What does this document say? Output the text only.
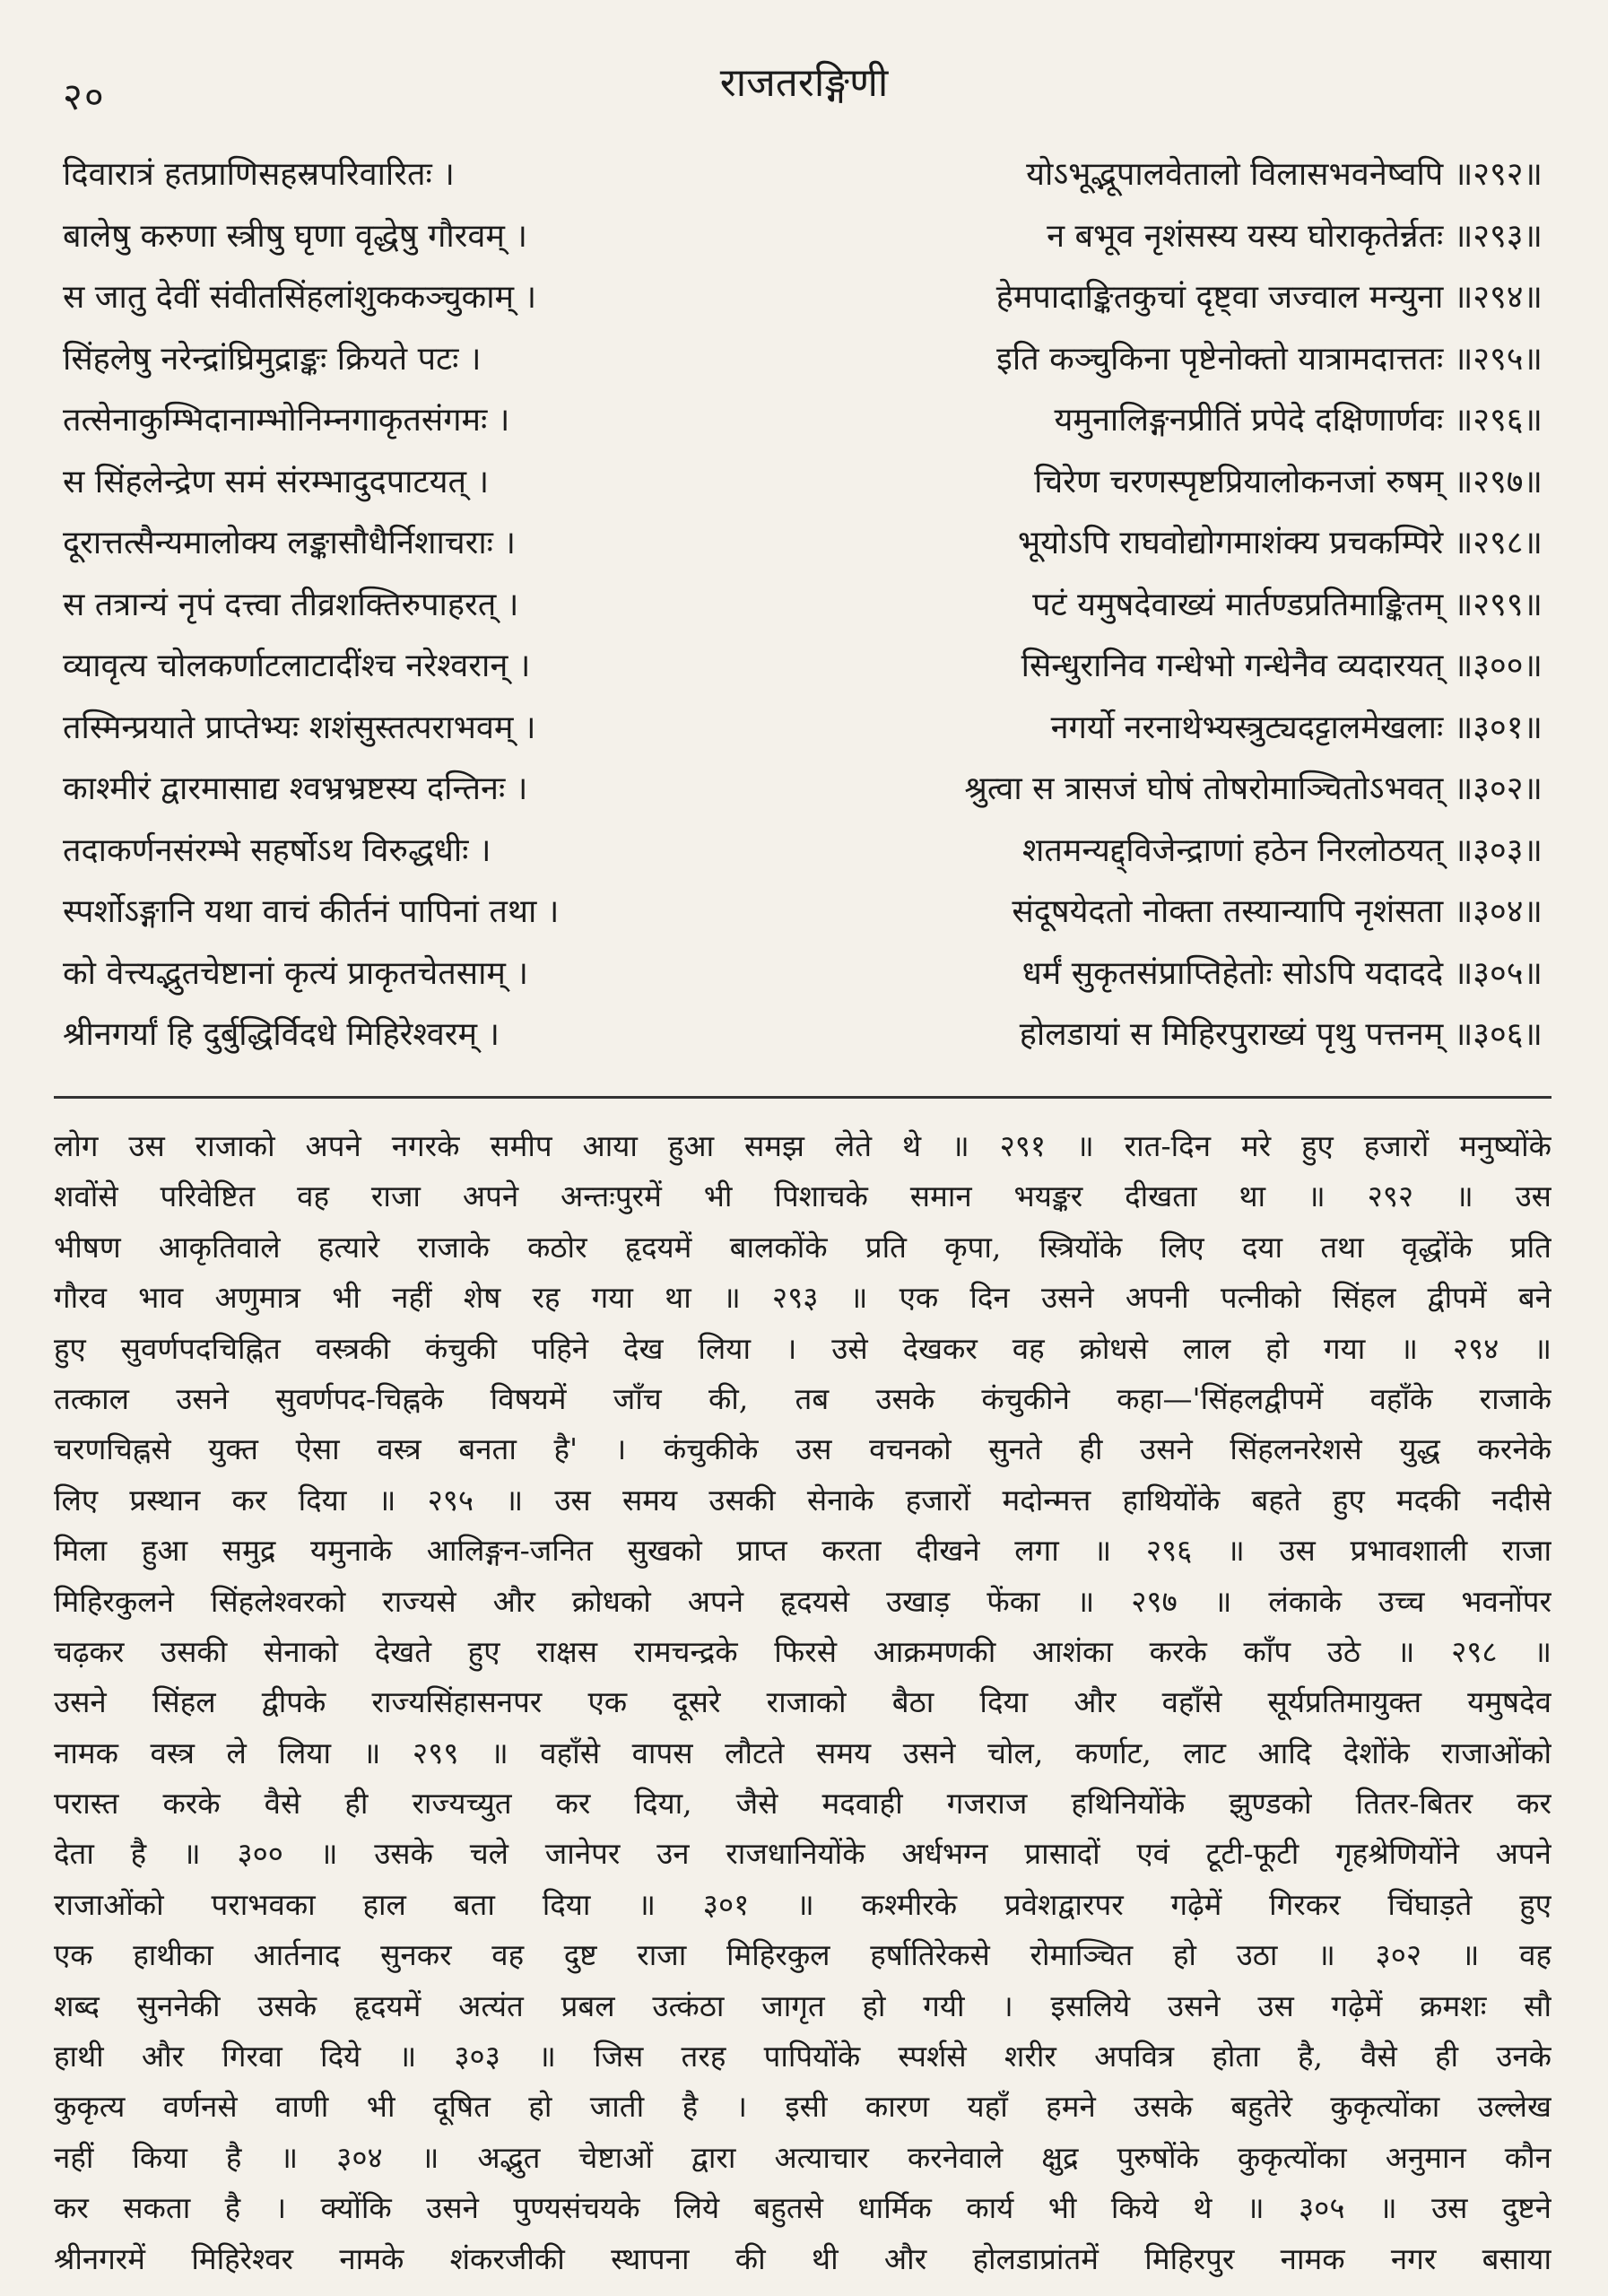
२०	राजतरङ्गिणी
दिवारात्रं हतप्राणिसहस्रपरिवारितः ।	योऽभूद्भूपालवेतालो विलासभवनेष्वपि ॥२९२॥
बालेषु करुणा स्त्रीषु घृणा वृद्धेषु गौरवम् ।	न बभूव नृशंसस्य यस्य घोराकृतेर्न्नतः ॥२९३॥
स जातु देवीं संवीतसिंहलांशुककञ्चुकाम् ।	हेमपादाङ्कितकुचां दृष्ट्वा जज्वाल मन्युना ॥२९४॥
सिंहलेषु नरेन्द्रांघ्रिमुद्राङ्कः क्रियते पटः ।	इति कञ्चुकिना पृष्टेनोक्तो यात्रामदात्ततः ॥२९५॥
तत्सेनाकुम्भिदानाम्भोनिम्नगाकृतसंगमः ।	यमुनालिङ्गनप्रीतिं प्रपेदे दक्षिणार्णवः ॥२९६॥
स सिंहलेन्द्रेण समं संरम्भादुदपाटयत् ।	चिरेण चरणस्पृष्टप्रियालोकनजां रुषम् ॥२९७॥
दूरात्तत्सैन्यमालोक्य लङ्कासौधैर्निशाचराः ।	भूयोऽपि राघवोद्योगमाशंक्य प्रचकम्पिरे ॥२९८॥
स तत्रान्यं नृपं दत्त्वा तीव्रशक्तिरुपाहरत् ।	पटं यमुषदेवाख्यं मार्तण्डप्रतिमाङ्कितम् ॥२९९॥
व्यावृत्य चोलकर्णाटलाटादींश्च नरेश्वरान् ।	सिन्धुरानिव गन्धेभो गन्धेनैव व्यदारयत् ॥३००॥
तस्मिन्प्रयाते प्राप्तेभ्यः शशंसुस्तत्पराभवम् ।	नगर्यो नरनाथेभ्यस्त्रुट्यदट्टालमेखलाः ॥३०१॥
काश्मीरं द्वारमासाद्य श्वभ्रभ्रष्टस्य दन्तिनः ।	श्रुत्वा स त्रासजं घोषं तोषरोमाञ्चितोऽभवत् ॥३०२॥
तदाकर्णनसंरम्भे सहर्षोऽथ विरुद्धधीः ।	शतमन्यद्द्विजेन्द्राणां हठेन निरलोठयत् ॥३०३॥
स्पर्शोऽङ्गानि यथा वाचं कीर्तनं पापिनां तथा ।	संदूषयेदतो नोक्ता तस्यान्यापि नृशंसता ॥३०४॥
को वेत्त्यद्भुतचेष्टानां कृत्यं प्राकृतचेतसाम् ।	धर्मं सुकृतसंप्राप्तिहेतोः सोऽपि यदाददे ॥३०५॥
श्रीनगर्यां हि दुर्बुद्धिर्विदधे मिहिरेश्वरम् ।	होलडायां स मिहिरपुराख्यं पृथु पत्तनम् ॥३०६॥
लोग उस राजाको अपने नगरके समीप आया हुआ समझ लेते थे ॥ २९१ ॥ रात-दिन मरे हुए हजारों मनुष्योंके
शवोंसे परिवेष्टित वह राजा अपने अन्तःपुरमें भी पिशाचके समान भयङ्कर दीखता था ॥ २९२ ॥ उस
भीषण आकृतिवाले हत्यारे राजाके कठोर हृदयमें बालकोंके प्रति कृपा, स्त्रियोंके लिए दया तथा वृद्धोंके प्रति
गौरव भाव अणुमात्र भी नहीं शेष रह गया था ॥ २९३ ॥ एक दिन उसने अपनी पत्नीको सिंहल द्वीपमें बने
हुए सुवर्णपदचिह्नित वस्त्रकी कंचुकी पहिने देख लिया । उसे देखकर वह क्रोधसे लाल हो गया ॥ २९४ ॥
तत्काल उसने सुवर्णपद-चिह्नके विषयमें जाँच की, तब उसके कंचुकीने कहा—'सिंहलद्वीपमें वहाँके राजाके
चरणचिह्नसे युक्त ऐसा वस्त्र बनता है' । कंचुकीके उस वचनको सुनते ही उसने सिंहलनरेशसे युद्ध करनेके
लिए प्रस्थान कर दिया ॥ २९५ ॥ उस समय उसकी सेनाके हजारों मदोन्मत्त हाथियोंके बहते हुए मदकी नदीसे
मिला हुआ समुद्र यमुनाके आलिङ्गन-जनित सुखको प्राप्त करता दीखने लगा ॥ २९६ ॥ उस प्रभावशाली राजा
मिहिरकुलने सिंहलेश्वरको राज्यसे और क्रोधको अपने हृदयसे उखाड़ फेंका ॥ २९७ ॥ लंकाके उच्च भवनोंपर
चढ़कर उसकी सेनाको देखते हुए राक्षस रामचन्द्रके फिरसे आक्रमणकी आशंका करके काँप उठे ॥ २९८ ॥
उसने सिंहल द्वीपके राज्यसिंहासनपर एक दूसरे राजाको बैठा दिया और वहाँसे सूर्यप्रतिमायुक्त यमुषदेव
नामक वस्त्र ले लिया ॥ २९९ ॥ वहाँसे वापस लौटते समय उसने चोल, कर्णाट, लाट आदि देशोंके राजाओंको
परास्त करके वैसे ही राज्यच्युत कर दिया, जैसे मदवाही गजराज हथिनियोंके झुण्डको तितर-बितर कर
देता है ॥ ३०० ॥ उसके चले जानेपर उन राजधानियोंके अर्धभग्न प्रासादों एवं टूटी-फूटी गृहश्रेणियोंने अपने
राजाओंको पराभवका हाल बता दिया ॥ ३०१ ॥ कश्मीरके प्रवेशद्वारपर गढ़ेमें गिरकर चिंघाड़ते हुए
एक हाथीका आर्तनाद सुनकर वह दुष्ट राजा मिहिरकुल हर्षातिरेकसे रोमाञ्चित हो उठा ॥ ३०२ ॥ वह
शब्द सुननेकी उसके हृदयमें अत्यंत प्रबल उत्कंठा जागृत हो गयी । इसलिये उसने उस गढ़ेमें क्रमशः सौ
हाथी और गिरवा दिये ॥ ३०३ ॥ जिस तरह पापियोंके स्पर्शसे शरीर अपवित्र होता है, वैसे ही उनके
कुकृत्य वर्णनसे वाणी भी दूषित हो जाती है । इसी कारण यहाँ हमने उसके बहुतेरे कुकृत्योंका उल्लेख
नहीं किया है ॥ ३०४ ॥ अद्भुत चेष्टाओं द्वारा अत्याचार करनेवाले क्षुद्र पुरुषोंके कुकृत्योंका अनुमान कौन
कर सकता है । क्योंकि उसने पुण्यसंचयके लिये बहुतसे धार्मिक कार्य भी किये थे ॥ ३०५ ॥ उस दुष्टने
श्रीनगरमें मिहिरेश्वर नामके शंकरजीकी स्थापना की थी और होलडाप्रांतमें मिहिरपुर नामक नगर बसाया
